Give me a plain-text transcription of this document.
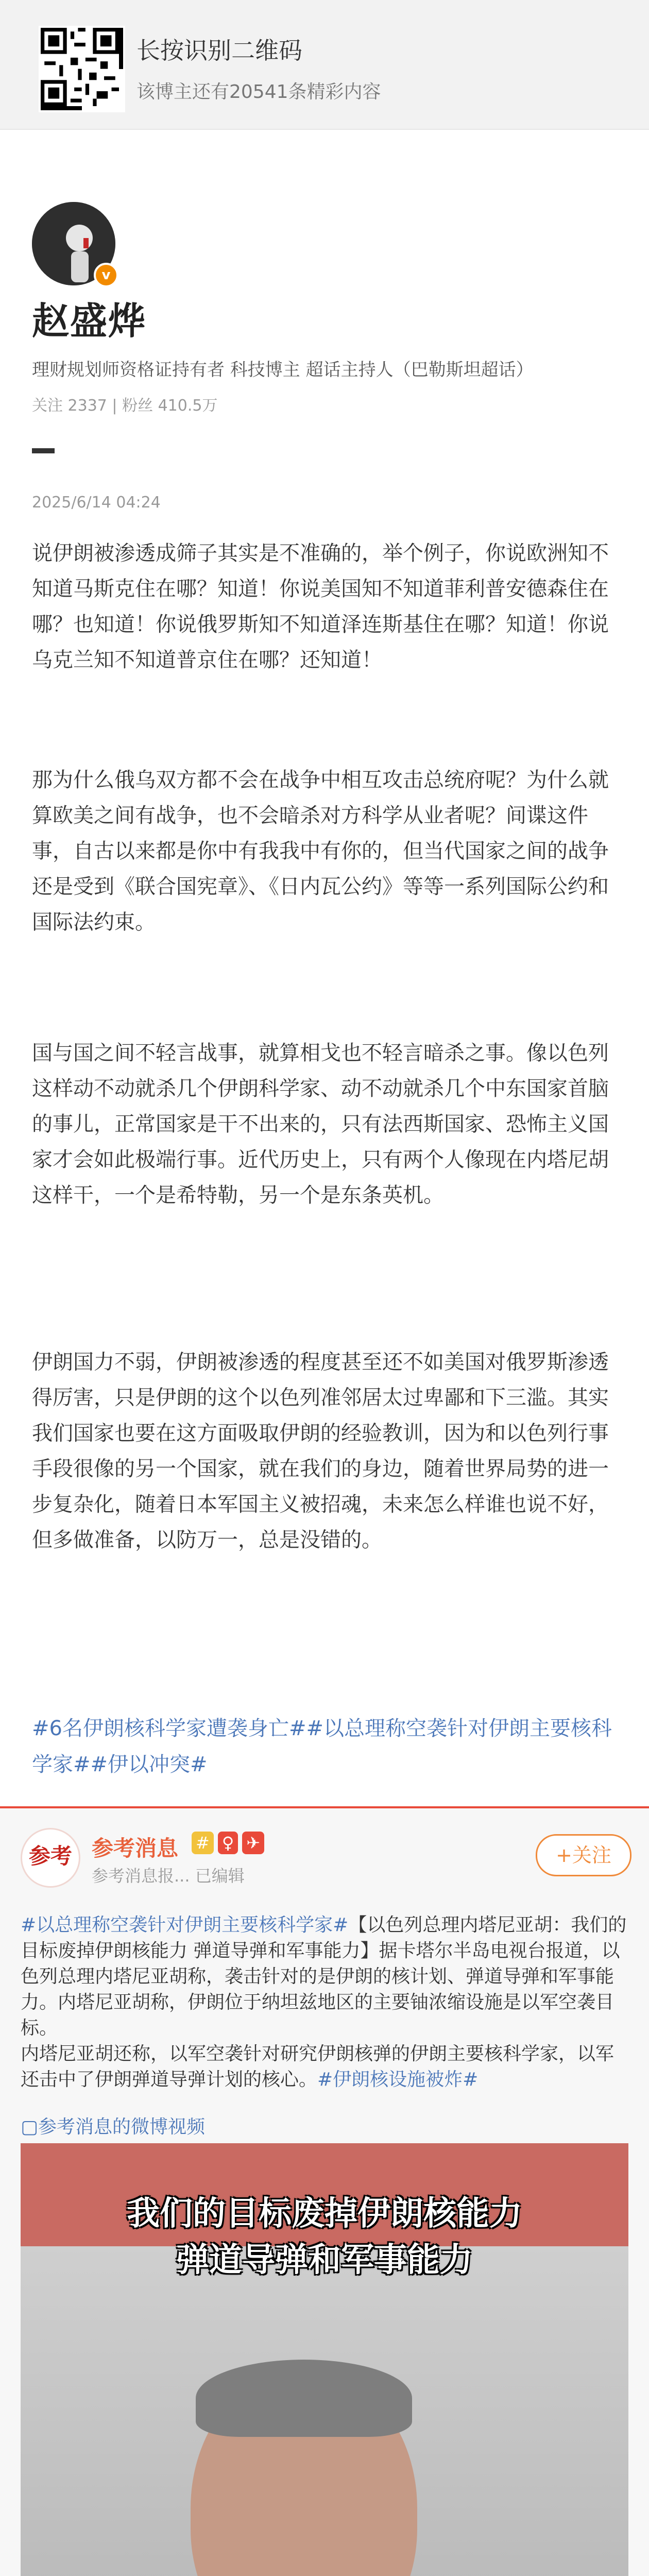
长按识别二维码
该博主还有20541条精彩内容
v
赵盛烨
理财规划师资格证持有者 科技博主 超话主持人（巴勒斯坦超话）
关注 2337 | 粉丝 410.5万
2025/6/14 04:24
说伊朗被渗透成筛子其实是不准确的，举个例子，你说欧洲知不知道马斯克住在哪？知道！你说美国知不知道菲利普安德森住在哪？也知道！你说俄罗斯知不知道泽连斯基住在哪？知道！你说乌克兰知不知道普京住在哪？还知道！
那为什么俄乌双方都不会在战争中相互攻击总统府呢？为什么就算欧美之间有战争，也不会暗杀对方科学从业者呢？间谍这件事，自古以来都是你中有我我中有你的，但当代国家之间的战争还是受到《联合国宪章》、《日内瓦公约》等等一系列国际公约和国际法约束。
国与国之间不轻言战事，就算相戈也不轻言暗杀之事。像以色列这样动不动就杀几个伊朗科学家、动不动就杀几个中东国家首脑的事儿，正常国家是干不出来的，只有法西斯国家、恐怖主义国家才会如此极端行事。近代历史上，只有两个人像现在内塔尼胡这样干，一个是希特勒，另一个是东条英机。
伊朗国力不弱，伊朗被渗透的程度甚至还不如美国对俄罗斯渗透得厉害，只是伊朗的这个以色列准邻居太过卑鄙和下三滥。其实我们国家也要在这方面吸取伊朗的经验教训，因为和以色列行事手段很像的另一个国家，就在我们的身边，随着世界局势的进一步复杂化，随着日本军国主义被招魂，未来怎么样谁也说不好，但多做准备，以防万一，总是没错的。
#6名伊朗核科学家遭袭身亡##以总理称空袭针对伊朗主要核科学家##伊以冲突#
参考 参考消息 # ♀ ✈
参考消息报... 已编辑
+关注
#以总理称空袭针对伊朗主要核科学家#【以色列总理内塔尼亚胡：我们的目标废掉伊朗核能力 弹道导弹和军事能力】据卡塔尔半岛电视台报道，以色列总理内塔尼亚胡称，袭击针对的是伊朗的核计划、弹道导弹和军事能力。内塔尼亚胡称，伊朗位于纳坦兹地区的主要铀浓缩设施是以军空袭目标。
内塔尼亚胡还称，以军空袭针对研究伊朗核弹的伊朗主要核科学家，以军还击中了伊朗弹道导弹计划的核心。#伊朗核设施被炸#
▢参考消息的微博视频
我们的目标废掉伊朗核能力
弹道导弹和军事能力
